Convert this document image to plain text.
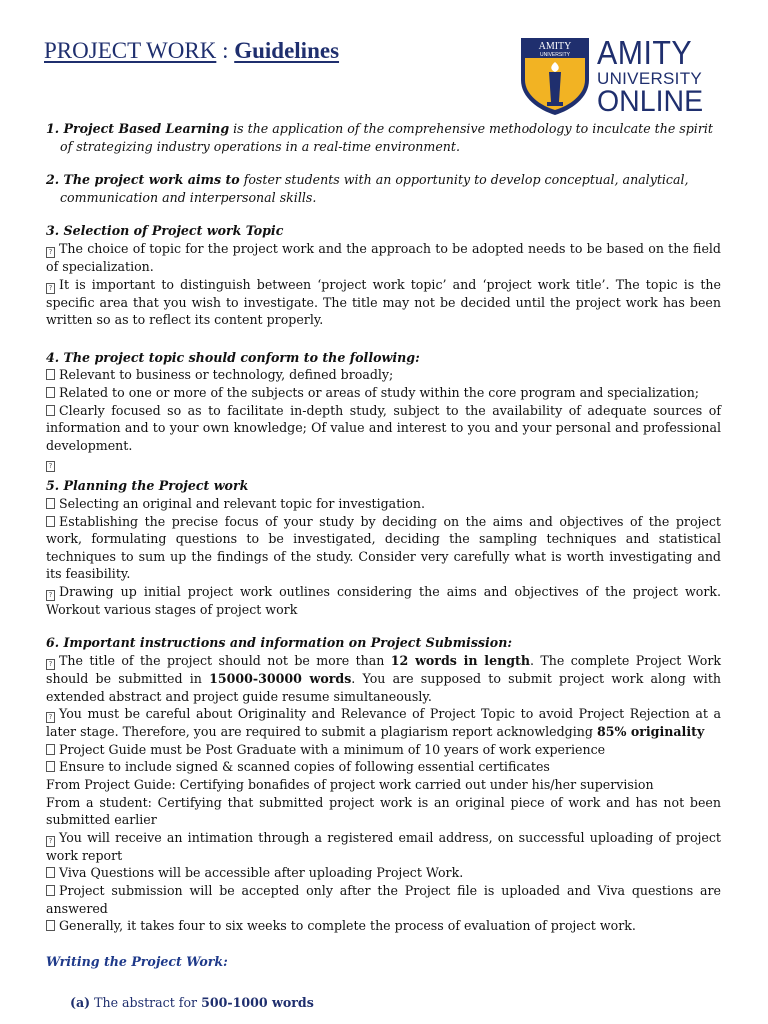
PROJECT WORK : Guidelines	AMITY
UNIVERSITY AMITY
UNIVERSITY
ONLINE

1. Project Based Learning is the application of the comprehensive methodology to inculcate the spirit of strategizing industry operations in a real-time environment.

2. The project work aims to foster students with an opportunity to develop conceptual, analytical, communication and interpersonal skills.

3. Selection of Project work Topic

? The choice of topic for the project work and the approach to be adopted needs to be based on the field of specialization.

? It is important to distinguish between ‘project work topic’ and ‘project work title’. The topic is the specific area that you wish to investigate. The title may not be decided until the project work has been written so as to reflect its content properly.

4. The project topic should conform to the following:

Relevant to business or technology, defined broadly;

Related to one or more of the subjects or areas of study within the core program and specialization;

Clearly focused so as to facilitate in-depth study, subject to the availability of adequate sources of information and to your own knowledge; Of value and interest to you and your personal and professional development.

?

5. Planning the Project work

Selecting an original and relevant topic for investigation.

Establishing the precise focus of your study by deciding on the aims and objectives of the project work, formulating questions to be investigated, deciding the sampling techniques and statistical techniques to sum up the findings of the study. Consider very carefully what is worth investigating and its feasibility.

? Drawing up initial project work outlines considering the aims and objectives of the project work. Workout various stages of project work

6. Important instructions and information on Project Submission:

? The title of the project should not be more than 12 words in length. The complete Project Work should be submitted in 15000-30000 words. You are supposed to submit project work along with extended abstract and project guide resume simultaneously.

? You must be careful about Originality and Relevance of Project Topic to avoid Project Rejection at a later stage. Therefore, you are required to submit a plagiarism report acknowledging 85% originality

Project Guide must be Post Graduate with a minimum of 10 years of work experience

Ensure to include signed & scanned copies of following essential certificates

From Project Guide: Certifying bonafides of project work carried out under his/her supervision

From a student: Certifying that submitted project work is an original piece of work and has not been submitted earlier

? You will receive an intimation through a registered email address, on successful uploading of project work report

Viva Questions will be accessible after uploading Project Work.

Project submission will be accepted only after the Project file is uploaded and Viva questions are answered

Generally, it takes four to six weeks to complete the process of evaluation of project work.

Writing the Project Work:

(a) The abstract for 500-1000 words
